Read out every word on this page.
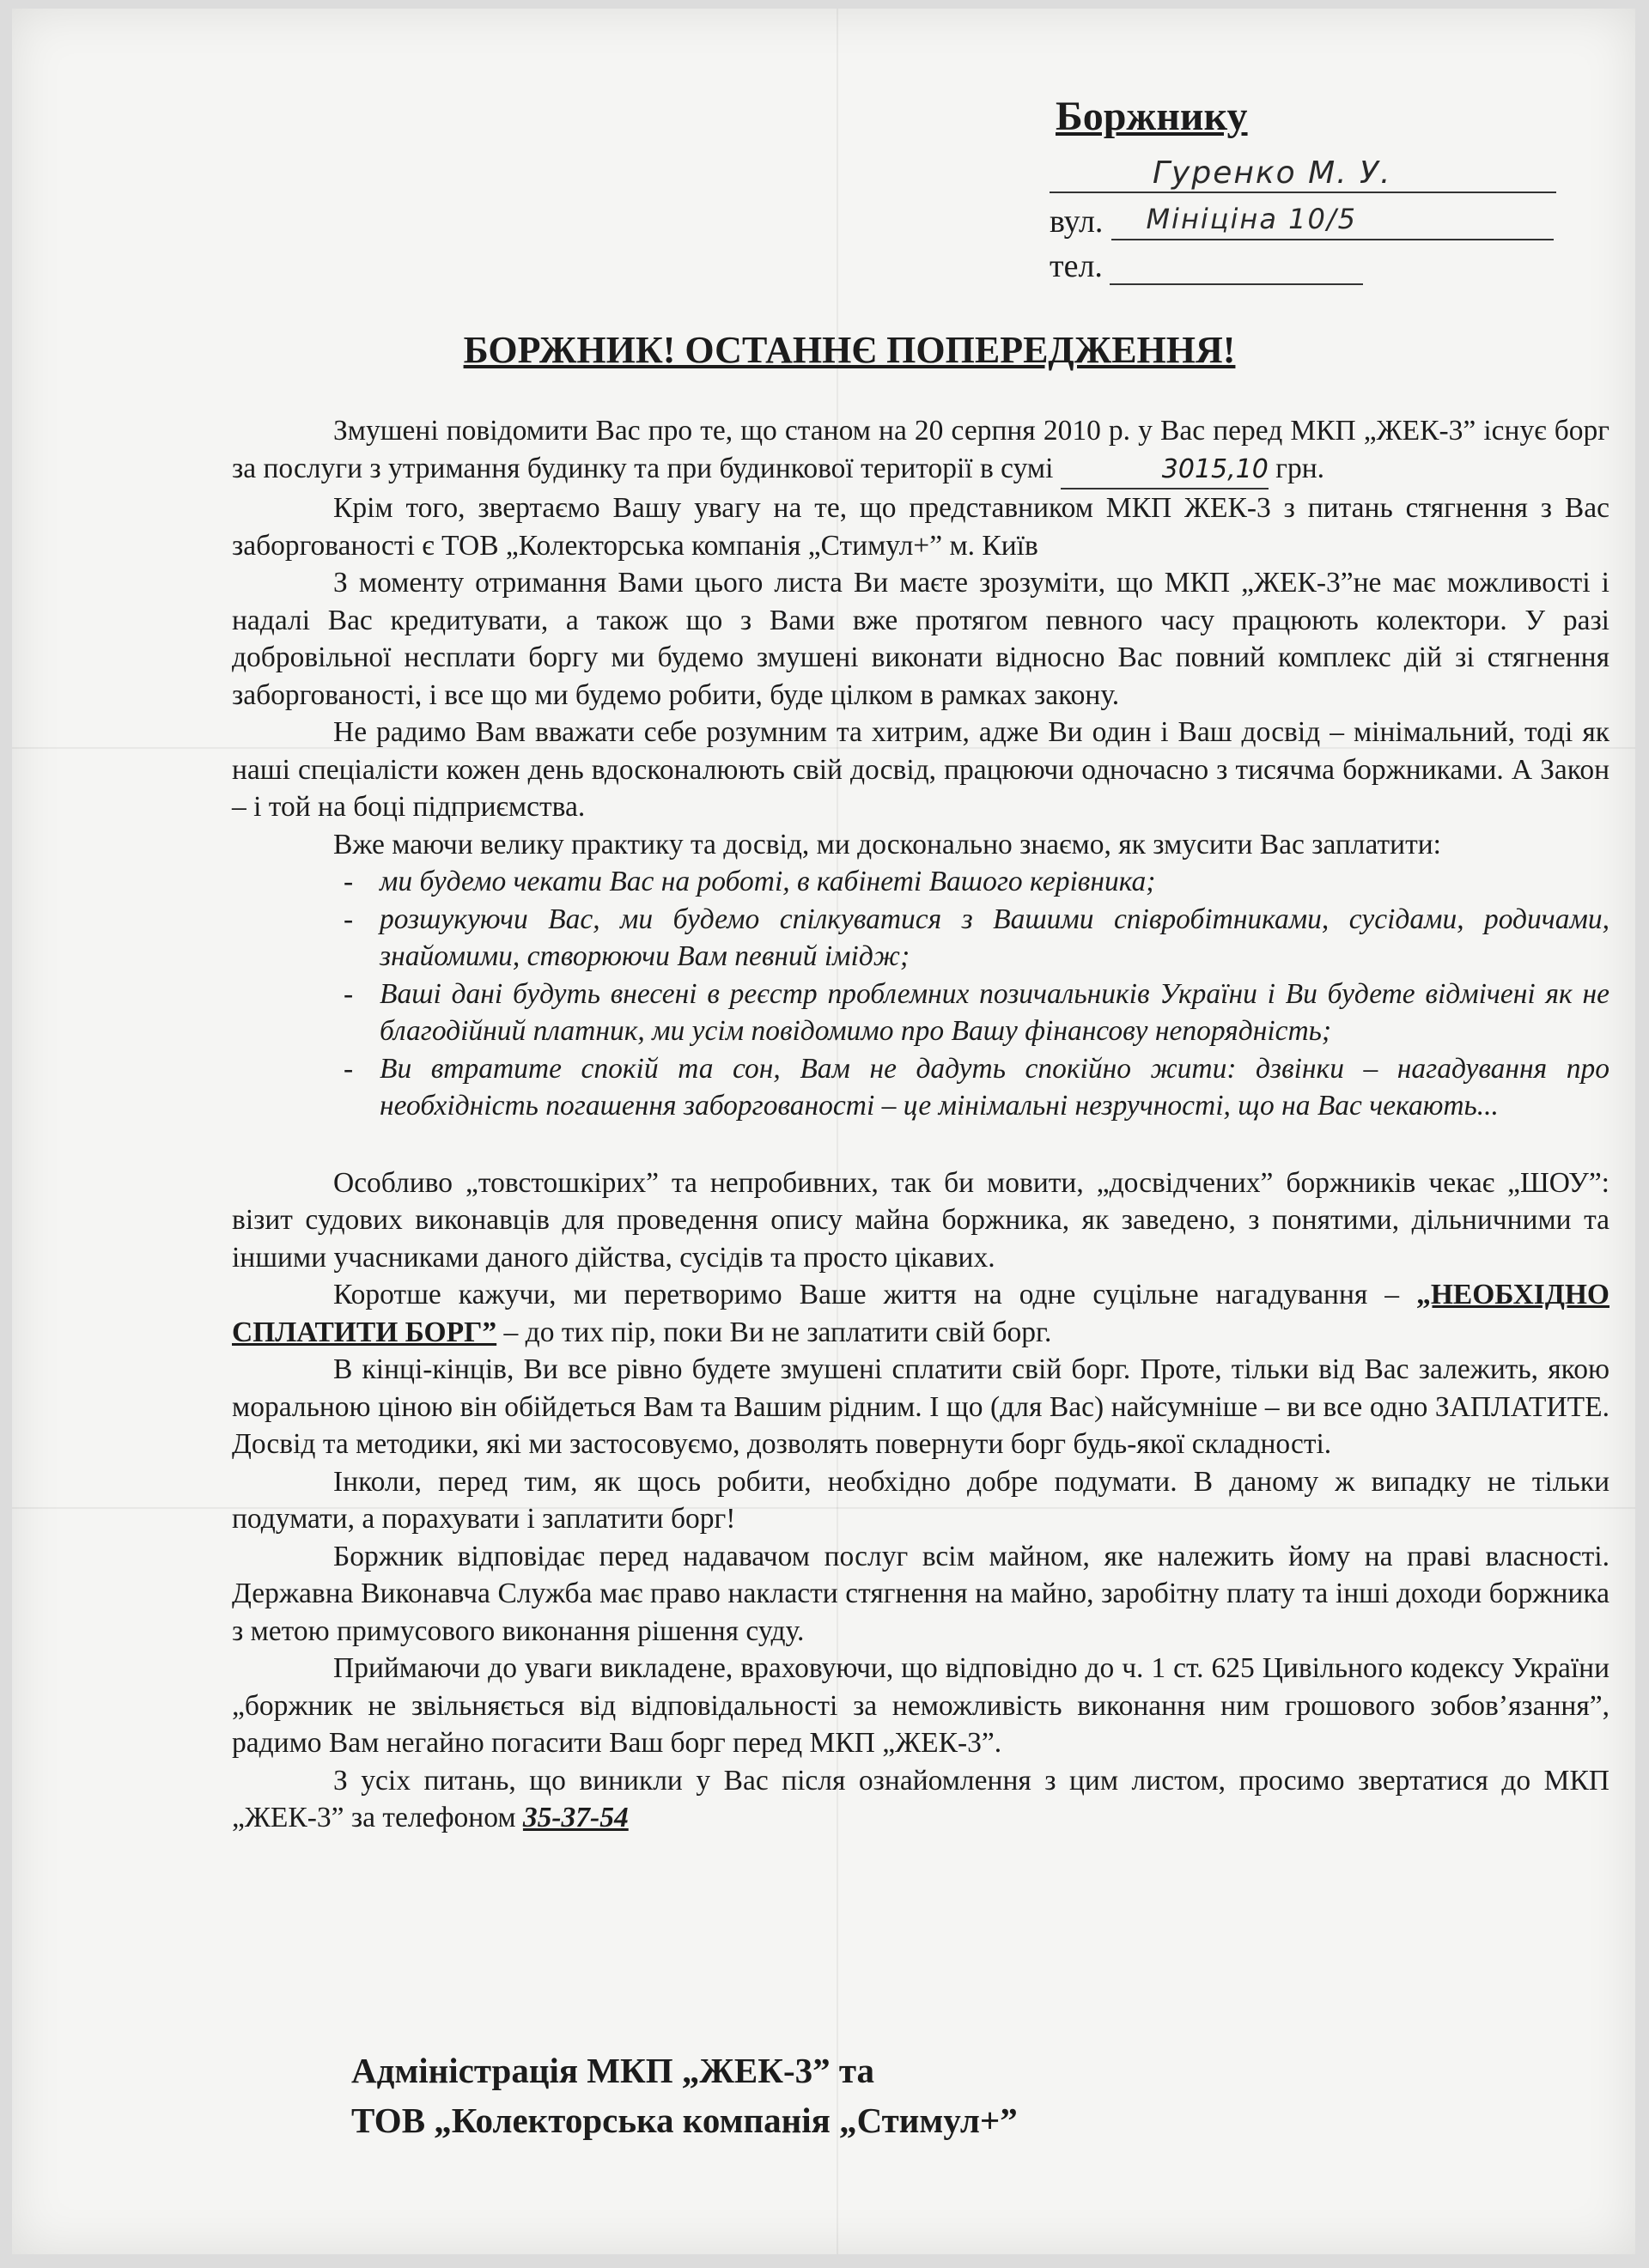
Боржнику
Гуренко М. У.
вул. Мініціна 10/5
тел.
БОРЖНИК! ОСТАННЄ ПОПЕРЕДЖЕННЯ!

Змушені повідомити Вас про те, що станом на 20 серпня 2010 р. у Вас перед МКП „ЖЕК-3” існує борг за послуги з утримання будинку та при будинкової території в сумі	3015,10 грн.

Крім того, звертаємо Вашу увагу на те, що представником МКП ЖЕК-3 з питань стягнення з Вас заборгованості є ТОВ „Колекторська компанія „Стимул+” м. Київ

З моменту отримання Вами цього листа Ви маєте зрозуміти, що МКП „ЖЕК-3”не має можливості і надалі Вас кредитувати, а також що з Вами вже протягом певного часу працюють колектори. У разі добровільної несплати боргу ми будемо змушені виконати відносно Вас повний комплекс дій зі стягнення заборгованості, і все що ми будемо робити, буде цілком в рамках закону.

Не радимо Вам вважати себе розумним та хитрим, адже Ви один і Ваш досвід – мінімальний, тоді як наші спеціалісти кожен день вдосконалюють свій досвід, працюючи одночасно з тисячма боржниками. А Закон – і той на боці підприємства.

Вже маючи велику практику та досвід, ми досконально знаємо, як змусити Вас заплатити:

- ми будемо чекати Вас на роботі, в кабінеті Вашого керівника;
- розшукуючи Вас, ми будемо спілкуватися з Вашими співробітниками, сусідами, родичами, знайомими, створюючи Вам певний імідж;
- Ваші дані будуть внесені в реєстр проблемних позичальників України і Ви будете відмічені як не благодійний платник, ми усім повідомимо про Вашу фінансову непорядність;
- Ви втратите спокій та сон, Вам не дадуть спокійно жити: дзвінки – нагадування про необхідність погашення заборгованості – це мінімальні незручності, що на Вас чекають...

Особливо „товстошкірих” та непробивних, так би мовити, „досвідчених” боржників чекає „ШОУ”: візит судових виконавців для проведення опису майна боржника, як заведено, з понятими, дільничними та іншими учасниками даного дійства, сусідів та просто цікавих.

Коротше кажучи, ми перетворимо Ваше життя на одне суцільне нагадування – „НЕОБХІДНО СПЛАТИТИ БОРГ” – до тих пір, поки Ви не заплатити свій борг.

В кінці-кінців, Ви все рівно будете змушені сплатити свій борг. Проте, тільки від Вас залежить, якою моральною ціною він обійдеться Вам та Вашим рідним. І що (для Вас) найсумніше – ви все одно ЗАПЛАТИТЕ. Досвід та методики, які ми застосовуємо, дозволять повернути борг будь-якої складності.

Інколи, перед тим, як щось робити, необхідно добре подумати. В даному ж випадку не тільки подумати, а порахувати і заплатити борг!

Боржник відповідає перед надавачом послуг всім майном, яке належить йому на праві власності. Державна Виконавча Служба має право накласти стягнення на майно, заробітну плату та інші доходи боржника з метою примусового виконання рішення суду.

Приймаючи до уваги викладене, враховуючи, що відповідно до ч. 1 ст. 625 Цивільного кодексу України „боржник не звільняється від відповідальності за неможливість виконання ним грошового зобов’язання”, радимо Вам негайно погасити Ваш борг перед МКП „ЖЕК-3”.

З усіх питань, що виникли у Вас після ознайомлення з цим листом, просимо звертатися до МКП „ЖЕК-3” за телефоном 35-37-54

Адміністрація МКП „ЖЕК-3” та
ТОВ „Колекторська компанія „Стимул+”
